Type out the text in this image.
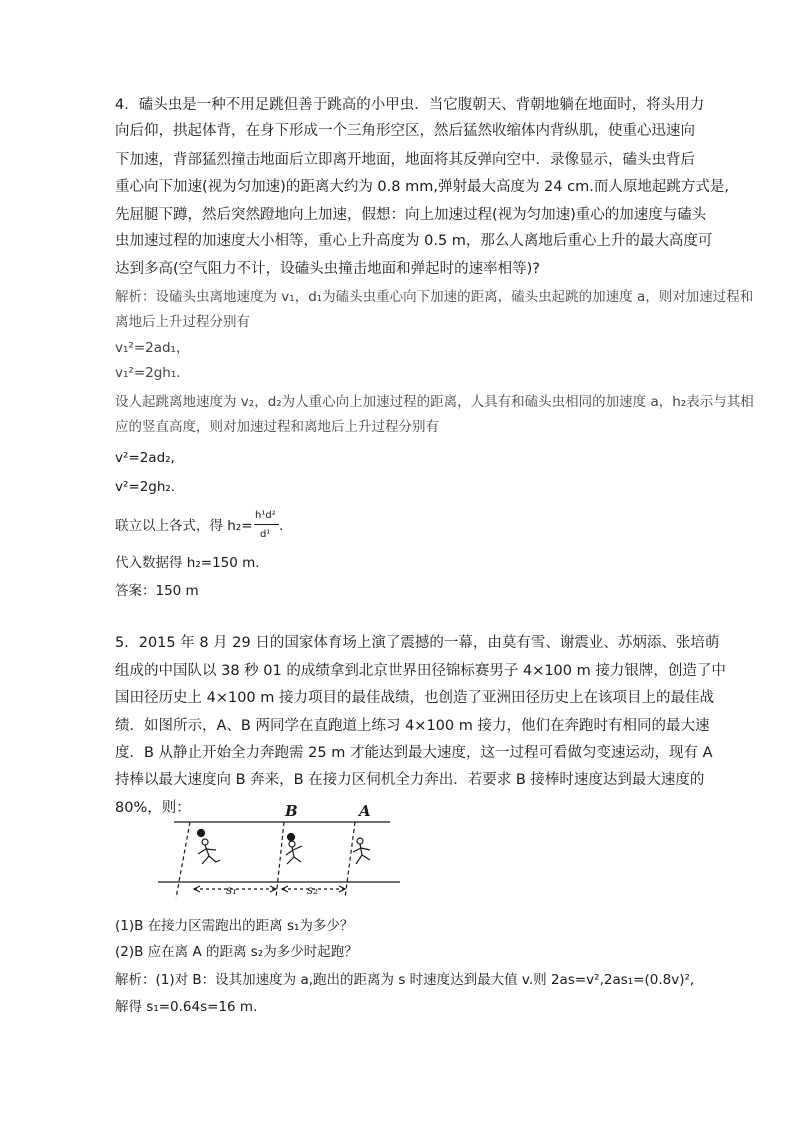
4．磕头虫是一种不用足跳但善于跳高的小甲虫．当它腹朝天、背朝地躺在地面时，将头用力
向后仰，拱起体背，在身下形成一个三角形空区，然后猛然收缩体内背纵肌，使重心迅速向
下加速，背部猛烈撞击地面后立即离开地面，地面将其反弹向空中．录像显示，磕头虫背后
重心向下加速(视为匀加速)的距离大约为 0.8 mm,弹射最大高度为 24 cm.而人原地起跳方式是,
先屈腿下蹲，然后突然蹬地向上加速，假想：向上加速过程(视为匀加速)重心的加速度与磕头
虫加速过程的加速度大小相等，重心上升高度为 0.5 m，那么人离地后重心上升的最大高度可
达到多高(空气阻力不计，设磕头虫撞击地面和弹起时的速率相等)?
解析：设磕头虫离地速度为 v₁，d₁为磕头虫重心向下加速的距离，磕头虫起跳的加速度 a，则对加速过程和
离地后上升过程分别有
v₁²=2ad₁，
v₁²=2gh₁.
设人起跳离地速度为 v₂，d₂为人重心向上加速过程的距离，人具有和磕头虫相同的加速度 a，h₂表示与其相
应的竖直高度，则对加速过程和离地后上升过程分别有
v²=2ad₂,
v²=2gh₂.
联立以上各式，得 h₂=
h¹d²
d¹
.
代入数据得 h₂=150 m.
答案：150 m
5．2015 年 8 月 29 日的国家体育场上演了震撼的一幕，由莫有雪、谢震业、苏炳添、张培萌
组成的中国队以 38 秒 01 的成绩拿到北京世界田径锦标赛男子 4×100 m 接力银牌，创造了中
国田径历史上 4×100 m 接力项目的最佳战绩，也创造了亚洲田径历史上在该项目上的最佳战
绩．如图所示，A、B 两同学在直跑道上练习 4×100 m 接力，他们在奔跑时有相同的最大速
度．B 从静止开始全力奔跑需 25 m 才能达到最大速度，这一过程可看做匀变速运动，现有 A
持棒以最大速度向 B 奔来，B 在接力区伺机全力奔出．若要求 B 接棒时速度达到最大速度的
80%，则：	B	A
s₁	s₂
(1)B 在接力区需跑出的距离 s₁为多少？
(2)B 应在离 A 的距离 s₂为多少时起跑？
解析：(1)对 B：设其加速度为 a,跑出的距离为 s 时速度达到最大值 v.则 2as=v²,2as₁=(0.8v)²,
解得 s₁=0.64s=16 m.
